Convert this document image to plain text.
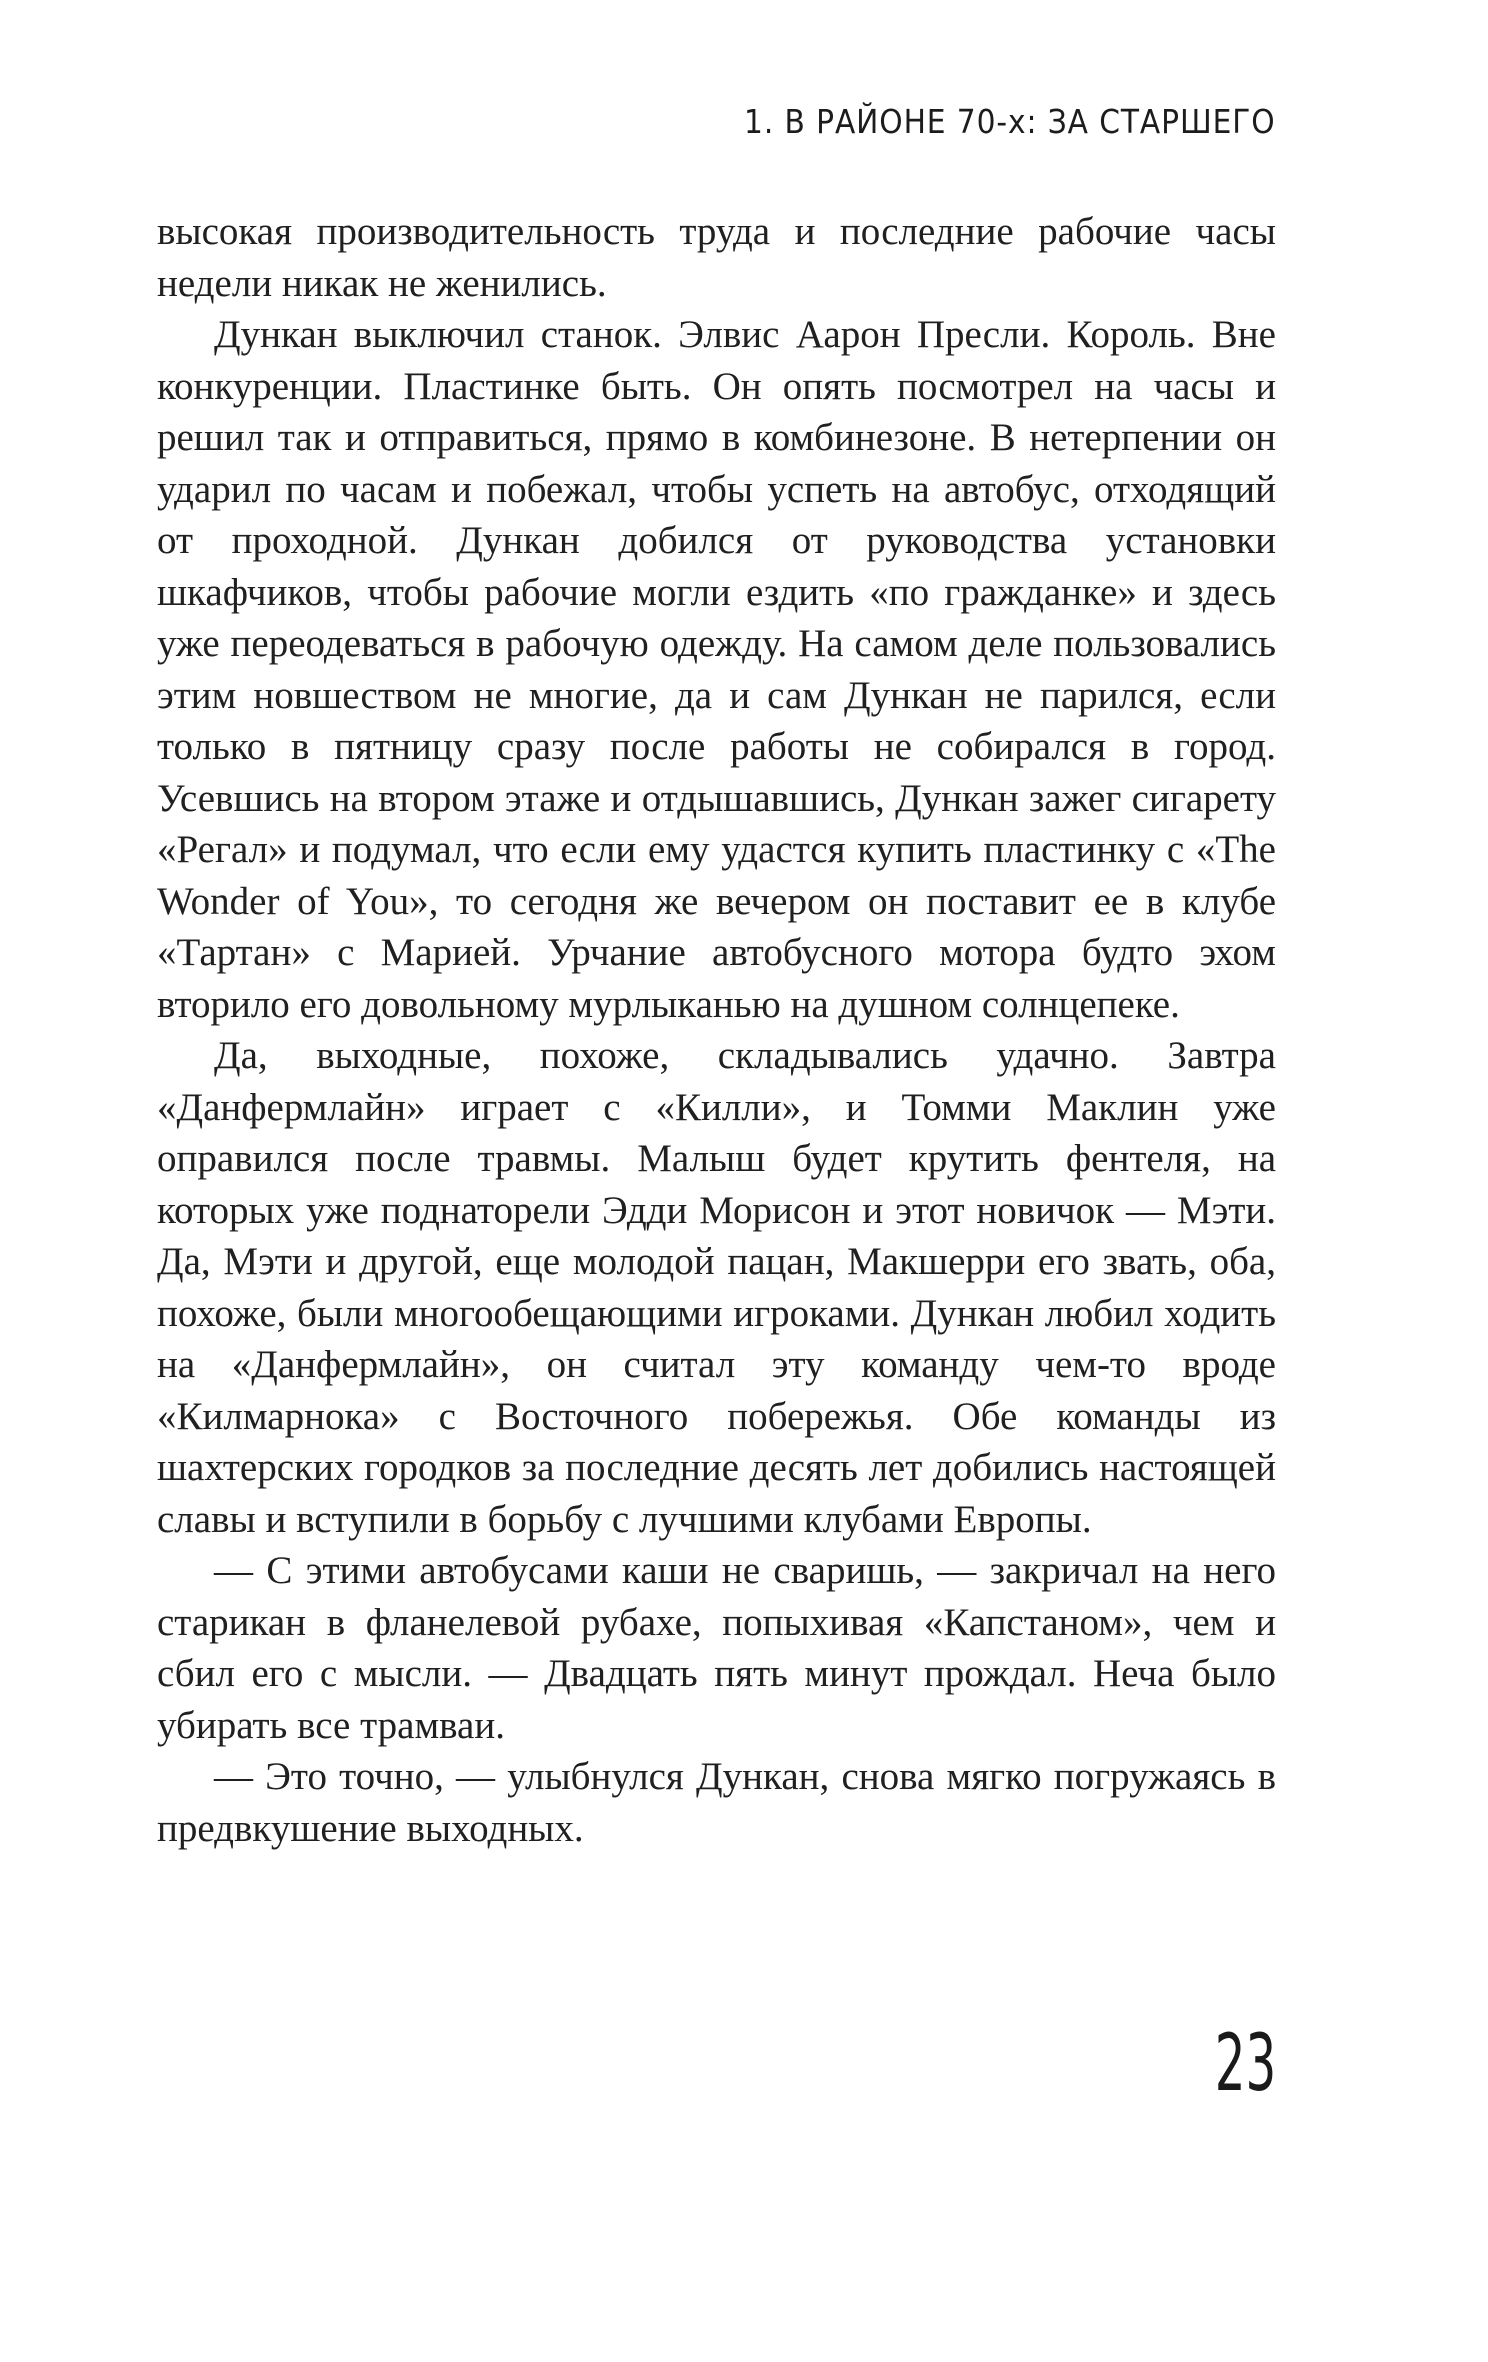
1. В РАЙОНЕ 70-х: ЗА СТАРШЕГО

высокая производительность труда и последние рабочие часы недели никак не женились.

Дункан выключил станок. Элвис Аарон Пресли. Король. Вне конкуренции. Пластинке быть. Он опять посмотрел на часы и решил так и отправиться, прямо в комбинезоне. В нетерпении он ударил по часам и побежал, чтобы успеть на автобус, отходящий от проходной. Дункан добился от руководства установки шкафчиков, чтобы рабочие могли ездить «по гражданке» и здесь уже переодеваться в рабочую одежду. На самом деле пользовались этим новшеством не многие, да и сам Дункан не парился, если только в пятницу сразу после работы не собирался в город. Усевшись на втором этаже и отдышавшись, Дункан зажег сигарету «Регал» и подумал, что если ему удастся купить пластинку с «The Wonder of You», то сегодня же вечером он поставит ее в клубе «Тартан» с Марией. Урчание автобусного мотора будто эхом вторило его довольному мурлыканью на душном солнцепеке.

Да, выходные, похоже, складывались удачно. Завтра «Данфермлайн» играет с «Килли», и Томми Маклин уже оправился после травмы. Малыш будет крутить фентеля, на которых уже поднаторели Эдди Морисон и этот новичок — Мэти. Да, Мэти и другой, еще молодой пацан, Макшерри его звать, оба, похоже, были многообещающими игроками. Дункан любил ходить на «Данфермлайн», он считал эту команду чем-то вроде «Килмарнока» с Восточного побережья. Обе команды из шахтерских городков за последние десять лет добились настоящей славы и вступили в борьбу с лучшими клубами Европы.

— С этими автобусами каши не сваришь, — закричал на него старикан в фланелевой рубахе, попыхивая «Капстаном», чем и сбил его с мысли. — Двадцать пять минут прождал. Неча было убирать все трамваи.

— Это точно, — улыбнулся Дункан, снова мягко погружаясь в предвкушение выходных.

23
